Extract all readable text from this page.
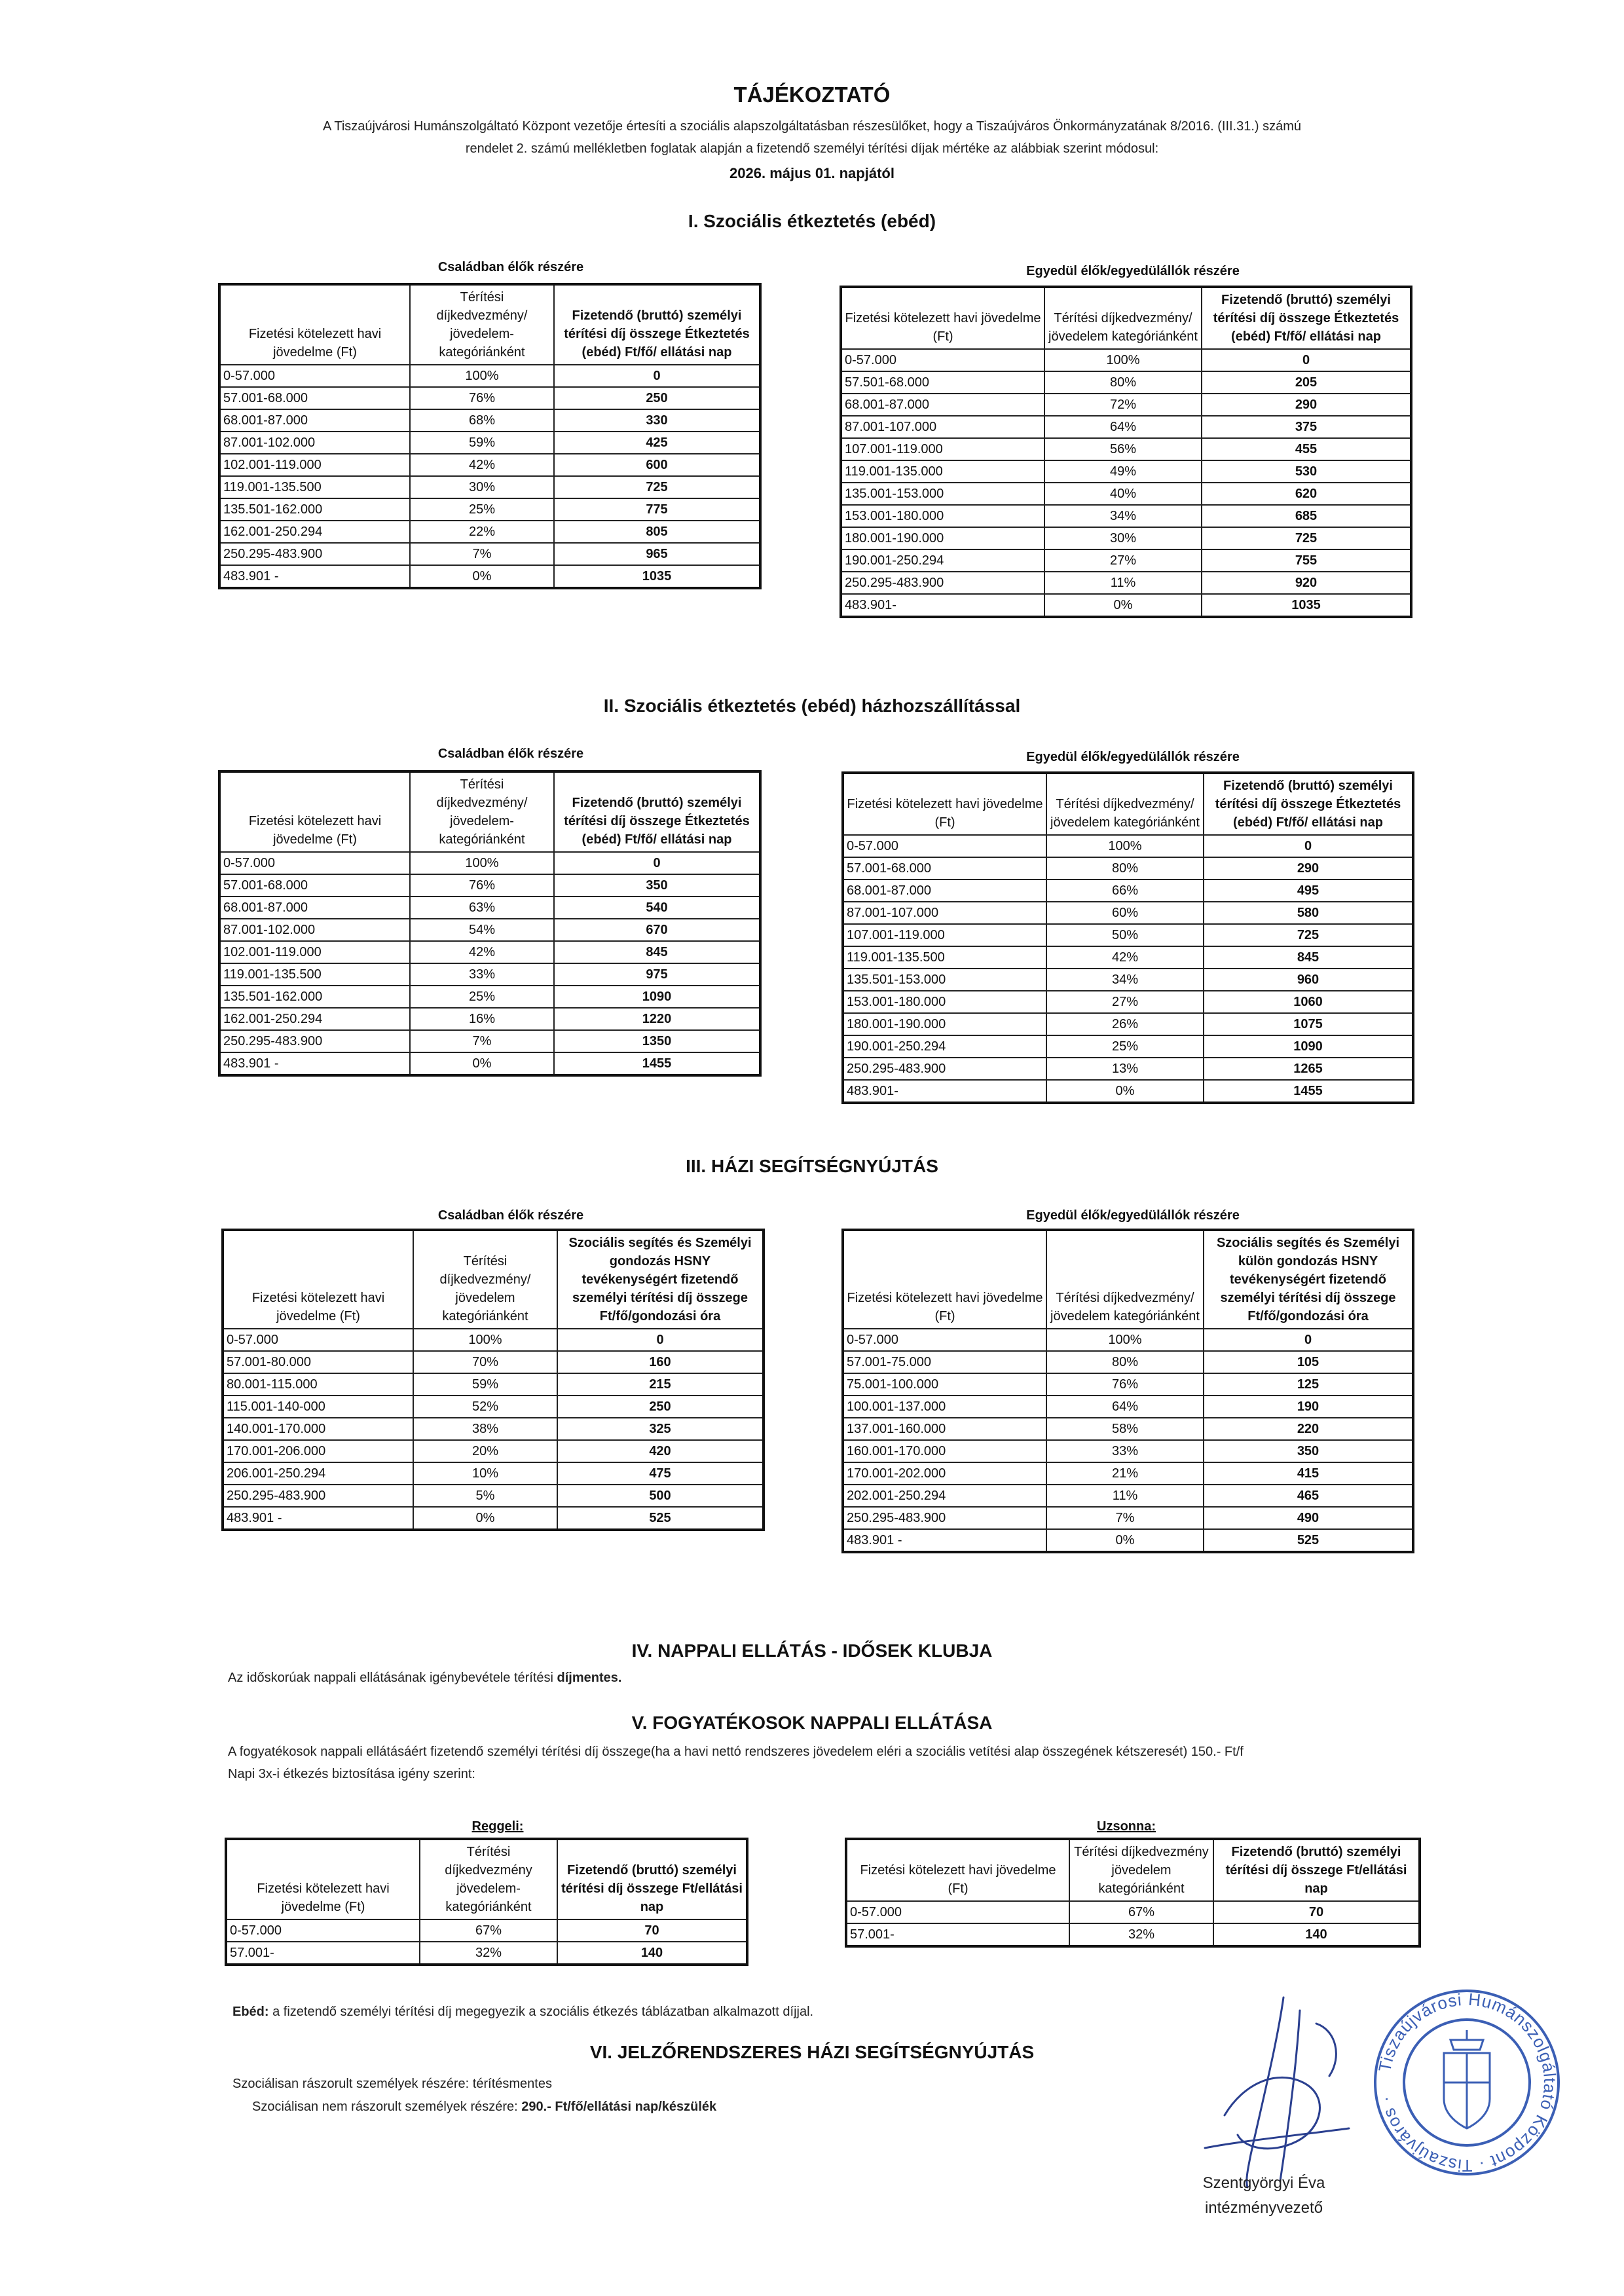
TÁJÉKOZTATÓ
A Tiszaújvárosi Humánszolgáltató Központ vezetője értesíti a szociális alapszolgáltatásban részesülőket, hogy a Tiszaújváros Önkormányzatának 8/2016. (III.31.) számú
rendelet 2. számú mellékletben foglatak alapján a fizetendő személyi térítési díjak mértéke az alábbiak szerint módosul:
2026. május 01. napjától
I. Szociális étkeztetés (ebéd)
Családban élők részére	Egyedül élők/egyedülállók részére
Fizetési kötelezett havi jövedelme (Ft)	Térítési díjkedvezmény/ jövedelem- kategóriánként	Fizetendő (bruttó) személyi térítési díj összege Étkeztetés (ebéd) Ft/fő/ ellátási nap
0-57.000	100%	0
57.001-68.000	76%	250
68.001-87.000	68%	330
87.001-102.000	59%	425
102.001-119.000	42%	600
119.001-135.500	30%	725
135.501-162.000	25%	775
162.001-250.294	22%	805
250.295-483.900	7%	965
483.901 -	0%	1035
Fizetési kötelezett havi jövedelme (Ft)	Térítési díjkedvezmény/ jövedelem kategóriánként	Fizetendő (bruttó) személyi térítési díj összege Étkeztetés (ebéd) Ft/fő/ ellátási nap
0-57.000	100%	0
57.501-68.000	80%	205
68.001-87.000	72%	290
87.001-107.000	64%	375
107.001-119.000	56%	455
119.001-135.000	49%	530
135.001-153.000	40%	620
153.001-180.000	34%	685
180.001-190.000	30%	725
190.001-250.294	27%	755
250.295-483.900	11%	920
483.901-	0%	1035
II. Szociális étkeztetés (ebéd) házhozszállítással
Családban élők részére	Egyedül élők/egyedülállók részére
Fizetési kötelezett havi jövedelme (Ft)	Térítési díjkedvezmény/ jövedelem- kategóriánként	Fizetendő (bruttó) személyi térítési díj összege Étkeztetés (ebéd) Ft/fő/ ellátási nap
0-57.000	100%	0
57.001-68.000	76%	350
68.001-87.000	63%	540
87.001-102.000	54%	670
102.001-119.000	42%	845
119.001-135.500	33%	975
135.501-162.000	25%	1090
162.001-250.294	16%	1220
250.295-483.900	7%	1350
483.901 -	0%	1455
Fizetési kötelezett havi jövedelme (Ft)	Térítési díjkedvezmény/ jövedelem kategóriánként	Fizetendő (bruttó) személyi térítési díj összege Étkeztetés (ebéd) Ft/fő/ ellátási nap
0-57.000	100%	0
57.001-68.000	80%	290
68.001-87.000	66%	495
87.001-107.000	60%	580
107.001-119.000	50%	725
119.001-135.500	42%	845
135.501-153.000	34%	960
153.001-180.000	27%	1060
180.001-190.000	26%	1075
190.001-250.294	25%	1090
250.295-483.900	13%	1265
483.901-	0%	1455
III. HÁZI SEGÍTSÉGNYÚJTÁS
Családban élők részére	Egyedül élők/egyedülállók részére
Fizetési kötelezett havi jövedelme (Ft)	Térítési díjkedvezmény/ jövedelem kategóriánként	Szociális segítés és Személyi gondozás HSNY tevékenységért fizetendő személyi térítési díj összege Ft/fő/gondozási óra
0-57.000	100%	0
57.001-80.000	70%	160
80.001-115.000	59%	215
115.001-140-000	52%	250
140.001-170.000	38%	325
170.001-206.000	20%	420
206.001-250.294	10%	475
250.295-483.900	5%	500
483.901 -	0%	525
Fizetési kötelezett havi jövedelme (Ft)	Térítési díjkedvezmény/ jövedelem kategóriánként	Szociális segítés és Személyi külön gondozás HSNY tevékenységért fizetendő személyi térítési díj összege Ft/fő/gondozási óra
0-57.000	100%	0
57.001-75.000	80%	105
75.001-100.000	76%	125
100.001-137.000	64%	190
137.001-160.000	58%	220
160.001-170.000	33%	350
170.001-202.000	21%	415
202.001-250.294	11%	465
250.295-483.900	7%	490
483.901 -	0%	525
IV. NAPPALI ELLÁTÁS - IDŐSEK KLUBJA
Az időskorúak nappali ellátásának igénybevétele térítési díjmentes.
V. FOGYATÉKOSOK NAPPALI ELLÁTÁSA
A fogyatékosok nappali ellátásáért fizetendő személyi térítési díj összege(ha a havi nettó rendszeres jövedelem eléri a szociális vetítési alap összegének kétszeresét) 150.- Ft/f
Napi 3x-i étkezés biztosítása igény szerint:
Reggeli:	Uzsonna:
Fizetési kötelezett havi jövedelme (Ft)	Térítési díjkedvezmény jövedelem- kategóriánként	Fizetendő (bruttó) személyi térítési díj összege Ft/ellátási nap
0-57.000	67%	70
57.001-	32%	140
Fizetési kötelezett havi jövedelme (Ft)	Térítési díjkedvezmény jövedelem kategóriánként	Fizetendő (bruttó) személyi térítési díj összege Ft/ellátási nap
0-57.000	67%	70
57.001-	32%	140
Ebéd: a fizetendő személyi térítési díj megegyezik a szociális étkezés táblázatban alkalmazott díjjal.
VI. JELZŐRENDSZERES HÁZI SEGÍTSÉGNYÚJTÁS
Szociálisan rászorult személyek részére: térítésmentes
Szociálisan nem rászorult személyek részére: 290.- Ft/fő/ellátási nap/készülék
Szentgyörgyi Éva
intézményvezető
Tiszaújvárosi Humánszolgáltató Központ · Tiszaújváros ·
